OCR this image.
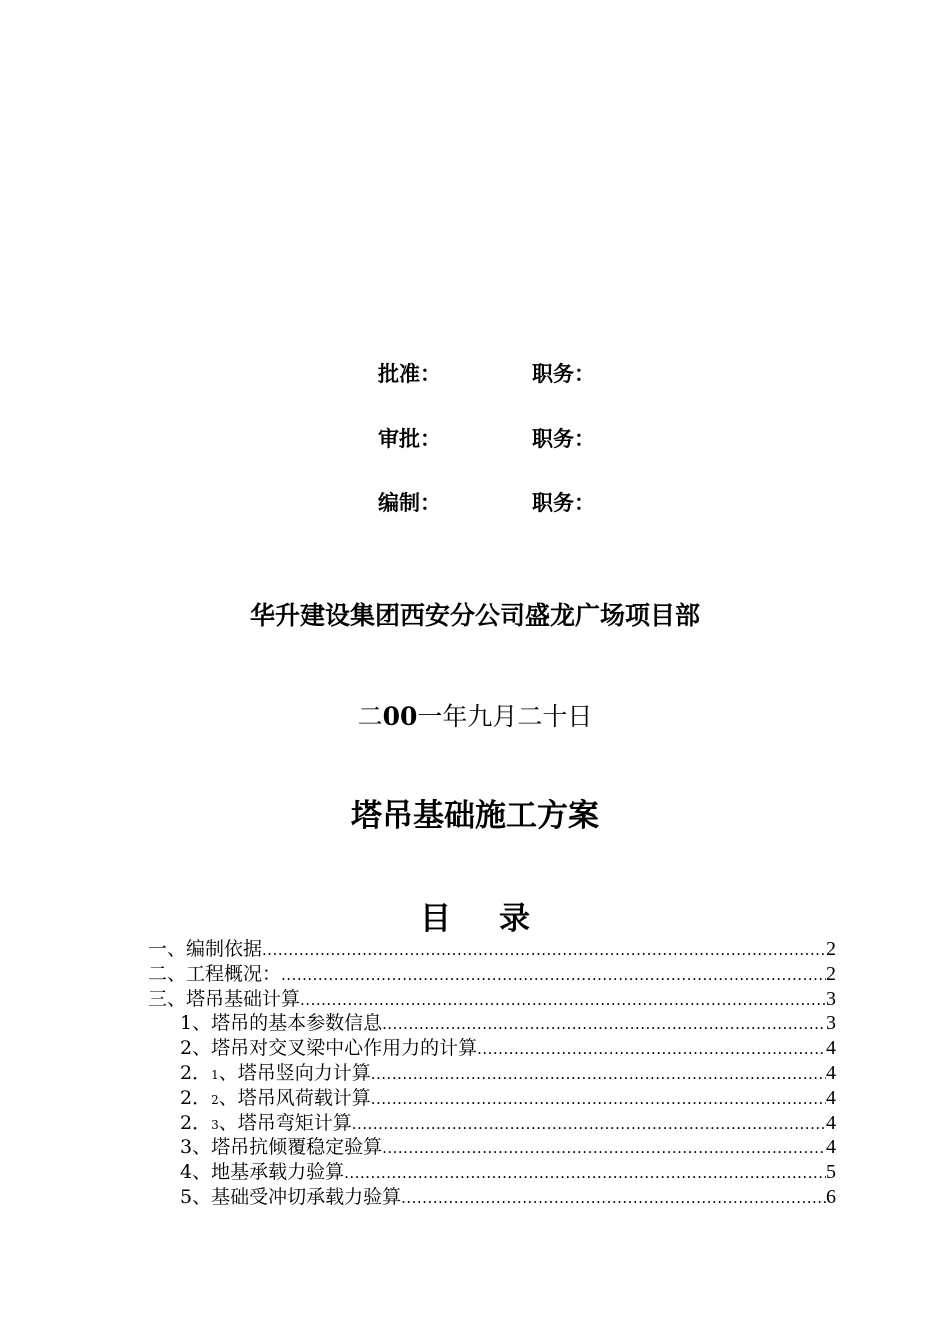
批准：	职务：
审批：	职务：
编制：	职务：
华升建设集团西安分公司盛龙广场项目部
二00一年九月二十日
塔吊基础施工方案
目录
一、编制依据 .....	2
二、工程概况： .....	2
三、塔吊基础计算 .....	3
1、塔吊的基本参数信息 .....	3
2、塔吊对交叉梁中心作用力的计算 .....	4
2．1、塔吊竖向力计算 .....	4
2．2、塔吊风荷载计算 .....	4
2．3、塔吊弯矩计算 .....	4
3、塔吊抗倾覆稳定验算 .....	4
4、地基承载力验算 .....	5
5、基础受冲切承载力验算 .....	6
